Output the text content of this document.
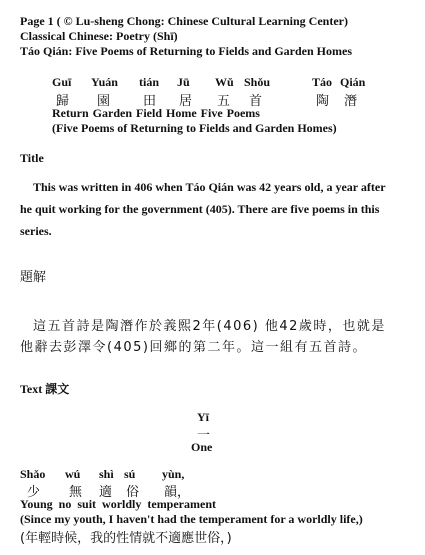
Page 1 ( © Lu-sheng Chong: Chinese Cultural Learning Center)
Classical Chinese: Poetry (Shī)
Táo Qián: Five Poems of Returning to Fields and Garden Homes
Guī Yuán tián Jū Wǔ Shǒu	Táo Qián
歸 園	田 居 五 首	陶 潛
Return Garden Field Home Five Poems
(Five Poems of Returning to Fields and Garden Homes)
Title
This was written in 406 when Táo Qián was 42 years old, a year after
he quit working for the government (405). There are five poems in this
series.
題解
這五首詩是陶潛作於義熙2年(406) 他42歲時，也就是
他辭去彭澤令(405)回鄉的第二年。這一組有五首詩。
Text 課文
Yī
一
One
Shǎo wú shì sú yùn,
少 無 適 俗 韻，
Young  no  suit  worldly  temperament
(Since my youth, I haven't had the temperament for a worldly life,)
(年輕時候，我的性情就不適應世俗，)
